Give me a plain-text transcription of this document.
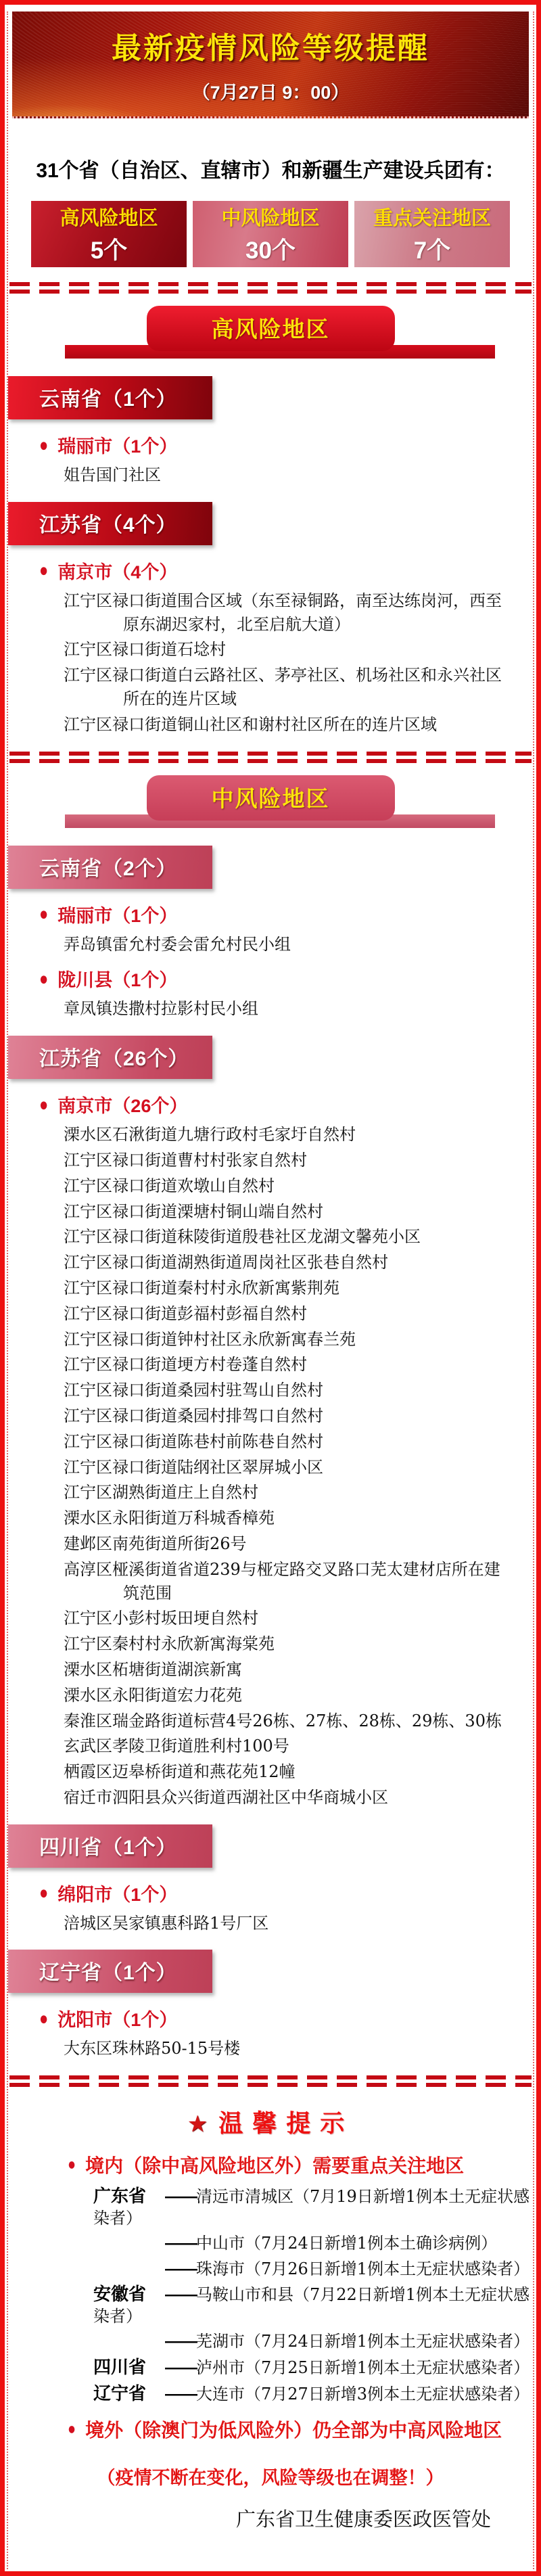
最新疫情风险等级提醒
（7月27日 9：00）
31个省（自治区、直辖市）和新疆生产建设兵团有：
高风险地区
5个
中风险地区
30个
重点关注地区
7个
高风险地区
云南省（1个）
● 瑞丽市（1个）
姐告国门社区
江苏省（4个）
● 南京市（4个）
江宁区禄口街道围合区域（东至禄铜路，南至达练岗河，西至原东湖迟家村，北至启航大道）
江宁区禄口街道石埝村
江宁区禄口街道白云路社区、茅亭社区、机场社区和永兴社区所在的连片区域
江宁区禄口街道铜山社区和谢村社区所在的连片区域
中风险地区
云南省（2个）
● 瑞丽市（1个）
弄岛镇雷允村委会雷允村民小组
● 陇川县（1个）
章凤镇迭撒村拉影村民小组
江苏省（26个）
● 南京市（26个）
溧水区石湫街道九塘行政村毛家圩自然村
江宁区禄口街道曹村村张家自然村
江宁区禄口街道欢墩山自然村
江宁区禄口街道溧塘村铜山端自然村
江宁区禄口街道秣陵街道殷巷社区龙湖文馨苑小区
江宁区禄口街道湖熟街道周岗社区张巷自然村
江宁区禄口街道秦村村永欣新寓紫荆苑
江宁区禄口街道彭福村彭福自然村
江宁区禄口街道钟村社区永欣新寓春兰苑
江宁区禄口街道埂方村卷蓬自然村
江宁区禄口街道桑园村驻驾山自然村
江宁区禄口街道桑园村排驾口自然村
江宁区禄口街道陈巷村前陈巷自然村
江宁区禄口街道陆纲社区翠屏城小区
江宁区湖熟街道庄上自然村
溧水区永阳街道万科城香樟苑
建邺区南苑街道所街26号
高淳区桠溪街道省道239与桠定路交叉路口芜太建材店所在建筑范围
江宁区小彭村坂田埂自然村
江宁区秦村村永欣新寓海棠苑
溧水区柘塘街道湖滨新寓
溧水区永阳街道宏力花苑
秦淮区瑞金路街道标营4号26栋、27栋、28栋、29栋、30栋
玄武区孝陵卫街道胜利村100号
栖霞区迈皋桥街道和燕花苑12幢
宿迁市泗阳县众兴街道西湖社区中华商城小区
四川省（1个）
● 绵阳市（1个）
涪城区吴家镇惠科路1号厂区
辽宁省（1个）
● 沈阳市（1个）
大东区珠林路50-15号楼
★ 温馨提示
● 境内（除中高风险地区外）需要重点关注地区
广东省 ——清远市清城区（7月19日新增1例本土无症状感染者）
——中山市（7月24日新增1例本土确诊病例）
——珠海市（7月26日新增1例本土无症状感染者）
安徽省 ——马鞍山市和县（7月22日新增1例本土无症状感染者）
——芜湖市（7月24日新增1例本土无症状感染者）
四川省 ——泸州市（7月25日新增1例本土无症状感染者）
辽宁省 ——大连市（7月27日新增3例本土无症状感染者）
● 境外（除澳门为低风险外）仍全部为中高风险地区
（疫情不断在变化，风险等级也在调整！）
广东省卫生健康委医政医管处
